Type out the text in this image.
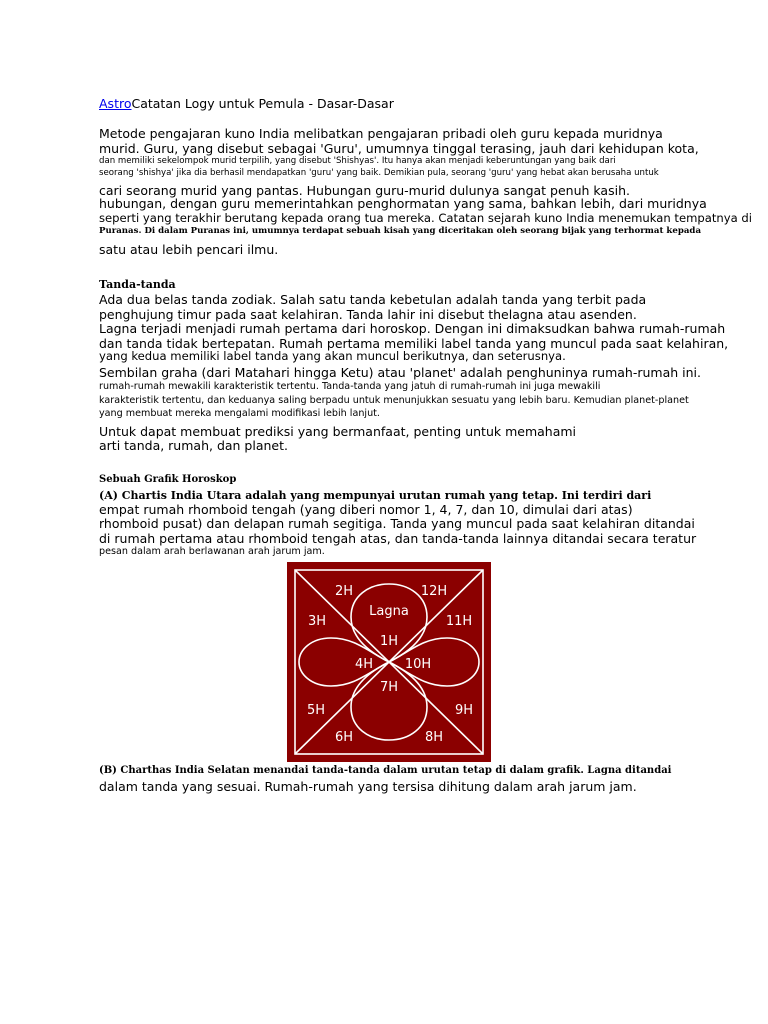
AstroCatatan Logy untuk Pemula - Dasar-Dasar

Metode pengajaran kuno India melibatkan pengajaran pribadi oleh guru kepada muridnya

murid. Guru, yang disebut sebagai 'Guru', umumnya tinggal terasing, jauh dari kehidupan kota,

dan memiliki sekelompok murid terpilih, yang disebut 'Shishyas'. Itu hanya akan menjadi keberuntungan yang baik dari

seorang 'shishya' jika dia berhasil mendapatkan 'guru' yang baik. Demikian pula, seorang 'guru' yang hebat akan berusaha untuk

cari seorang murid yang pantas. Hubungan guru-murid dulunya sangat penuh kasih.

hubungan, dengan guru memerintahkan penghormatan yang sama, bahkan lebih, dari muridnya

seperti yang terakhir berutang kepada orang tua mereka. Catatan sejarah kuno India menemukan tempatnya di

Puranas. Di dalam Puranas ini, umumnya terdapat sebuah kisah yang diceritakan oleh seorang bijak yang terhormat kepada

satu atau lebih pencari ilmu.

Tanda-tanda

Ada dua belas tanda zodiak. Salah satu tanda kebetulan adalah tanda yang terbit pada

penghujung timur pada saat kelahiran. Tanda lahir ini disebut thelagna atau asenden.

Lagna terjadi menjadi rumah pertama dari horoskop. Dengan ini dimaksudkan bahwa rumah-rumah

dan tanda tidak bertepatan. Rumah pertama memiliki label tanda yang muncul pada saat kelahiran,

yang kedua memiliki label tanda yang akan muncul berikutnya, dan seterusnya.

Sembilan graha (dari Matahari hingga Ketu) atau 'planet' adalah penghuninya rumah-rumah ini.

rumah-rumah mewakili karakteristik tertentu. Tanda-tanda yang jatuh di rumah-rumah ini juga mewakili

karakteristik tertentu, dan keduanya saling berpadu untuk menunjukkan sesuatu yang lebih baru. Kemudian planet-planet

yang membuat mereka mengalami modifikasi lebih lanjut.

Untuk dapat membuat prediksi yang bermanfaat, penting untuk memahami

arti tanda, rumah, dan planet.

Sebuah Grafik Horoskop

(A) Chartis India Utara adalah yang mempunyai urutan rumah yang tetap. Ini terdiri dari

empat rumah rhomboid tengah (yang diberi nomor 1, 4, 7, dan 10, dimulai dari atas)

rhomboid pusat) dan delapan rumah segitiga. Tanda yang muncul pada saat kelahiran ditandai

di rumah pertama atau rhomboid tengah atas, dan tanda-tanda lainnya ditandai secara teratur

pesan dalam arah berlawanan arah jarum jam.

Lagna
1H
2H
3H
4H
5H
6H
7H
8H
9H
10H
11H
12H

(B) Charthas India Selatan menandai tanda-tanda dalam urutan tetap di dalam grafik. Lagna ditandai

dalam tanda yang sesuai. Rumah-rumah yang tersisa dihitung dalam arah jarum jam.
